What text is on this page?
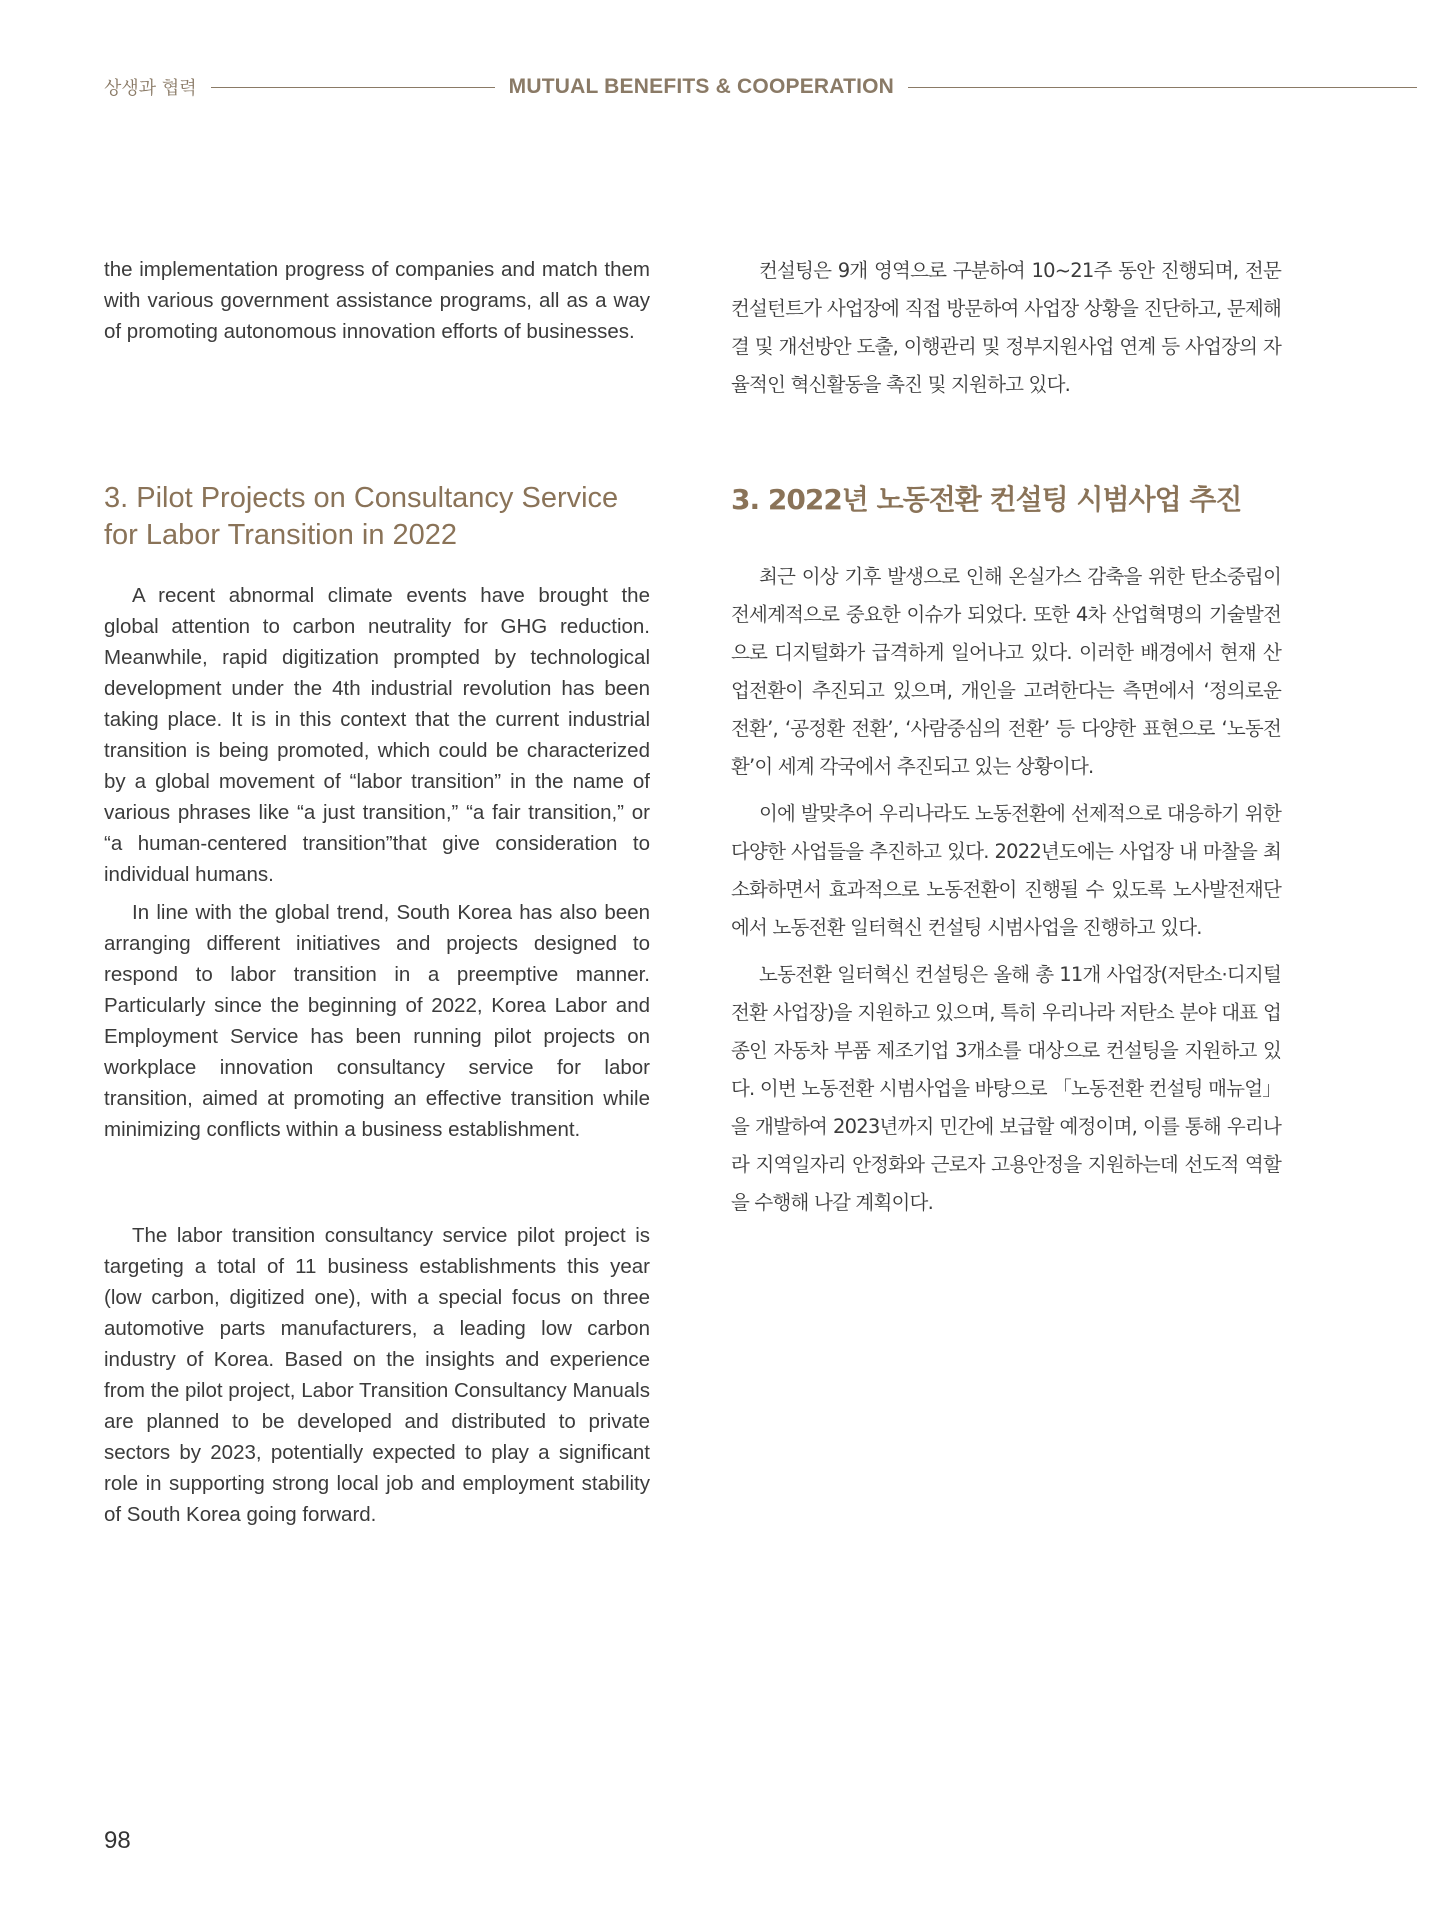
상생과 협력	MUTUAL BENEFITS & COOPERATION

the implementation progress of companies and match them with various government assistance programs, all as a way of promoting autonomous innovation efforts of businesses.

3. Pilot Projects on Consultancy Service for Labor Transition in 2022

A recent abnormal climate events have brought the global attention to carbon neutrality for GHG reduction. Meanwhile, rapid digitization prompted by technological development under the 4th industrial revolution has been taking place. It is in this context that the current industrial transition is being promoted, which could be characterized by a global movement of “labor transition” in the name of various phrases like “a just transition,” “a fair transition,” or “a human-centered transition”that give consideration to individual humans.

In line with the global trend, South Korea has also been arranging different initiatives and projects designed to respond to labor transition in a preemptive manner. Particularly since the beginning of 2022, Korea Labor and Employment Service has been running pilot projects on workplace innovation consultancy service for labor transition, aimed at promoting an effective transition while minimizing conflicts within a business establishment.

The labor transition consultancy service pilot project is targeting a total of 11 business establishments this year (low carbon, digitized one), with a special focus on three automotive parts manufacturers, a leading low carbon industry of Korea. Based on the insights and experience from the pilot project, Labor Transition Consultancy Manuals are planned to be developed and distributed to private sectors by 2023, potentially expected to play a significant role in supporting strong local job and employment stability of South Korea going forward.

컨설팅은 9개 영역으로 구분하여 10~21주 동안 진행되며, 전문 컨설턴트가 사업장에 직접 방문하여 사업장 상황을 진단하고, 문제해결 및 개선방안 도출, 이행관리 및 정부지원사업 연계 등 사업장의 자율적인 혁신활동을 촉진 및 지원하고 있다.

3. 2022년 노동전환 컨설팅 시범사업 추진

최근 이상 기후 발생으로 인해 온실가스 감축을 위한 탄소중립이 전세계적으로 중요한 이슈가 되었다. 또한 4차 산업혁명의 기술발전으로 디지털화가 급격하게 일어나고 있다. 이러한 배경에서 현재 산업전환이 추진되고 있으며, 개인을 고려한다는 측면에서 ‘정의로운 전환’, ‘공정환 전환’, ‘사람중심의 전환’ 등 다양한 표현으로 ‘노동전환’이 세계 각국에서 추진되고 있는 상황이다.

이에 발맞추어 우리나라도 노동전환에 선제적으로 대응하기 위한 다양한 사업들을 추진하고 있다. 2022년도에는 사업장 내 마찰을 최소화하면서 효과적으로 노동전환이 진행될 수 있도록 노사발전재단에서 노동전환 일터혁신 컨설팅 시범사업을 진행하고 있다.

노동전환 일터혁신 컨설팅은 올해 총 11개 사업장(저탄소·디지털 전환 사업장)을 지원하고 있으며, 특히 우리나라 저탄소 분야 대표 업종인 자동차 부품 제조기업 3개소를 대상으로 컨설팅을 지원하고 있다. 이번 노동전환 시범사업을 바탕으로 「노동전환 컨설팅 매뉴얼」을 개발하여 2023년까지 민간에 보급할 예정이며, 이를 통해 우리나라 지역일자리 안정화와 근로자 고용안정을 지원하는데 선도적 역할을 수행해 나갈 계획이다.

98
